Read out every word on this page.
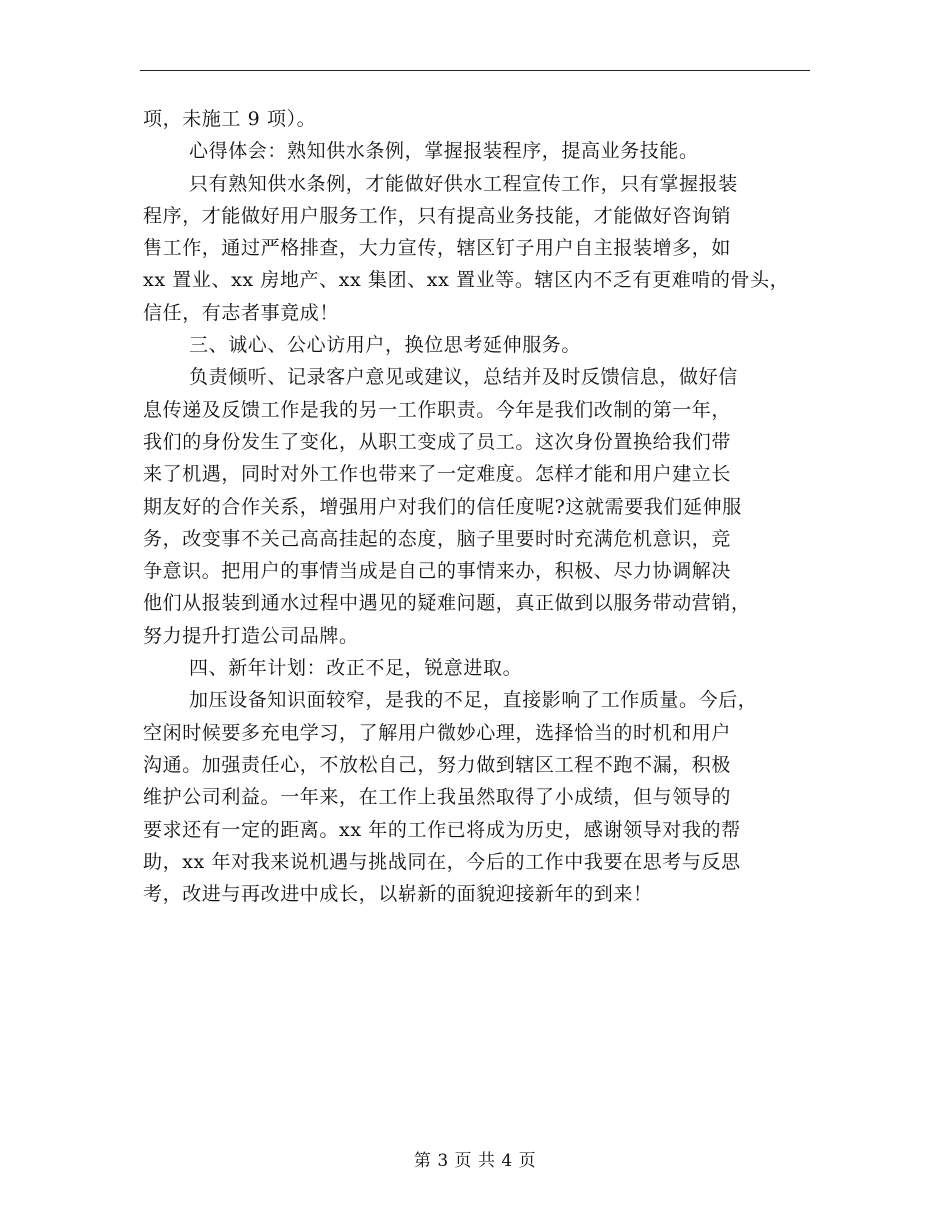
项，未施工 9 项）。
心得体会：熟知供水条例，掌握报装程序，提高业务技能。
只有熟知供水条例，才能做好供水工程宣传工作，只有掌握报装
程序，才能做好用户服务工作，只有提高业务技能，才能做好咨询销
售工作，通过严格排查，大力宣传，辖区钉子用户自主报装增多，如
xx 置业、xx 房地产、xx 集团、xx 置业等。辖区内不乏有更难啃的骨头，
信任，有志者事竟成！
三、诚心、公心访用户，换位思考延伸服务。
负责倾听、记录客户意见或建议，总结并及时反馈信息，做好信
息传递及反馈工作是我的另一工作职责。今年是我们改制的第一年，
我们的身份发生了变化，从职工变成了员工。这次身份置换给我们带
来了机遇，同时对外工作也带来了一定难度。怎样才能和用户建立长
期友好的合作关系，增强用户对我们的信任度呢?这就需要我们延伸服
务，改变事不关己高高挂起的态度，脑子里要时时充满危机意识，竞
争意识。把用户的事情当成是自己的事情来办，积极、尽力协调解决
他们从报装到通水过程中遇见的疑难问题，真正做到以服务带动营销，
努力提升打造公司品牌。
四、新年计划：改正不足，锐意进取。
加压设备知识面较窄，是我的不足，直接影响了工作质量。今后，
空闲时候要多充电学习，了解用户微妙心理，选择恰当的时机和用户
沟通。加强责任心，不放松自己，努力做到辖区工程不跑不漏，积极
维护公司利益。一年来，在工作上我虽然取得了小成绩，但与领导的
要求还有一定的距离。xx 年的工作已将成为历史，感谢领导对我的帮
助，xx 年对我来说机遇与挑战同在，今后的工作中我要在思考与反思
考，改进与再改进中成长，以崭新的面貌迎接新年的到来！
第 3 页 共 4 页
